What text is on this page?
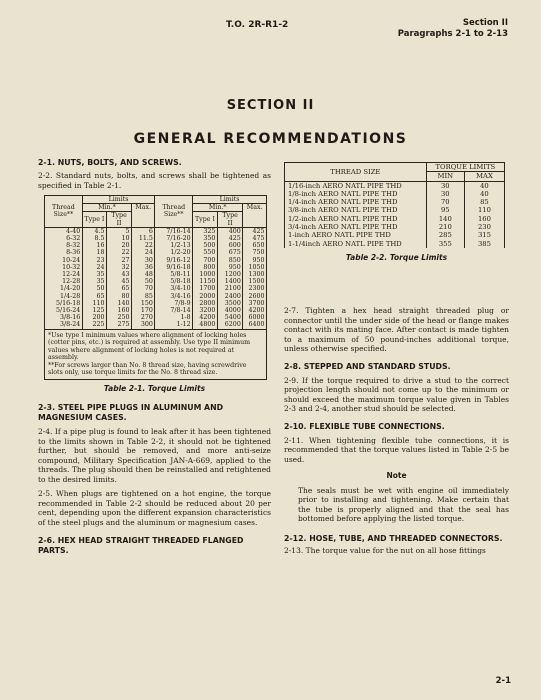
T.O. 2R-R1-2	Section II
Paragraphs 2-1 to 2-13
SECTION II
GENERAL RECOMMENDATIONS
2-1. NUTS, BOLTS, AND SCREWS.
2-2. Standard nuts, bolts, and screws shall be tightened as specified in Table 2-1.
Thread Size**	Limits			Thread Size**	Limits		
	Min.*		Max.		Min.*		Max.
	Type I	Type II			Type I	Type II	
4-40	4.5	5	6	7/16-14	325	400	425
6-32	8.5	10	11.5	7/16-20	350	425	475
8-32	16	20	22	1/2-13	500	600	650
8-36	18	22	24	1/2-20	550	675	750
10-24	23	27	30	9/16-12	700	850	950
10-32	24	32	36	9/16-18	800	950	1050
12-24	35	43	48	5/8-11	1000	1200	1300
12-28	35	45	50	5/8-18	1150	1400	1500
1/4-20	50	65	70	3/4-10	1700	2100	2300
1/4-28	65	80	85	3/4-16	2000	2400	2600
5/16-18	110	140	150	7/8-9	2800	3500	3700
5/16-24	125	160	170	7/8-14	3200	4000	4200
3/8-16	200	250	270	1-8	4200	5400	6000
3/8-24	225	275	300	1-12	4800	6200	6400

*Use type I minimum values where alignment of locking holes (cotter pins, etc.) is required at assembly. Use type II minimum values where alignment of locking holes is not required at assembly.
**For screws larger than No. 8 thread size, having screwdrive slots only, use torque limits for the No. 8 thread size.							
Table 2-1. Torque Limits
2-3. STEEL PIPE PLUGS IN ALUMINUM AND MAGNESIUM CASES.
2-4. If a pipe plug is found to leak after it has been tightened to the limits shown in Table 2-2, it should not be tightened further, but should be removed, and more anti-seize compound, Military Specification JAN-A-669, applied to the threads. The plug should then be reinstalled and retightened to the desired limits.
2-5. When plugs are tightened on a hot engine, the torque recommended in Table 2-2 should be reduced about 20 per cent, depending upon the different expansion characteristics of the steel plugs and the aluminum or magnesium cases.
2-6. HEX HEAD STRAIGHT THREADED FLANGED PARTS.
THREAD SIZE	TORQUE LIMITS	
	MIN	MAX
1/16-inch AERO NATL PIPE THD	30	40
1/8-inch AERO NATL PIPE THD	30	40
1/4-inch AERO NATL PIPE THD	70	85
3/8-inch AERO NATL PIPE THD	95	110
1/2-inch AERO NATL PIPE THD	140	160
3/4-inch AERO NATL PIPE THD	210	230
1-inch AERO NATL PIPE THD	285	315
1-1/4inch AERO NATL PIPE THD	355	385
Table 2-2. Torque Limits
2-7. Tighten a hex head straight threaded plug or connector until the under side of the head or flange makes contact with its mating face. After contact is made tighten to a maximum of 50 pound-inches additional torque, unless otherwise specified.
2-8. STEPPED AND STANDARD STUDS.
2-9. If the torque required to drive a stud to the correct projection length should not come up to the minimum or should exceed the maximum torque value given in Tables 2-3 and 2-4, another stud should be selected.
2-10. FLEXIBLE TUBE CONNECTIONS.
2-11. When tightening flexible tube connections, it is recommended that the torque values listed in Table 2-5 be used.
Note
The seals must be wet with engine oil immediately prior to installing and tightening. Make certain that the tube is properly aligned and that the seal has bottomed before applying the listed torque.
2-12. HOSE, TUBE, AND THREADED CONNECTORS.
2-13. The torque value for the nut on all hose fittings
2-1
